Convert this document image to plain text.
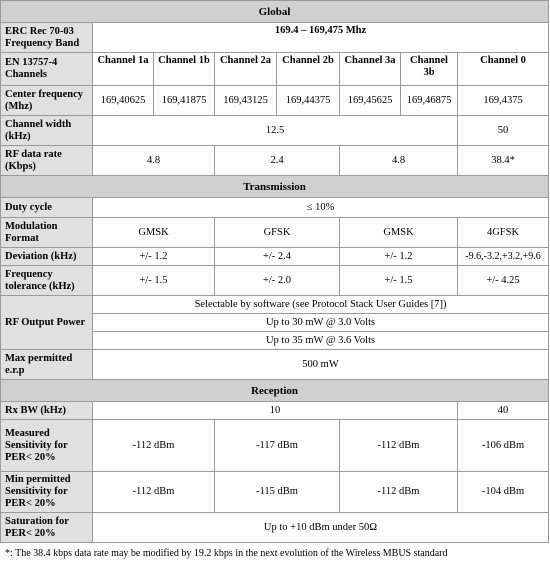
Global							
ERC Rec 70-03 Frequency Band	169.4 – 169,475 Mhz						
EN 13757-4 Channels	Channel 1a	Channel 1b	Channel 2a	Channel 2b	Channel 3a	Channel 3b	Channel 0
Center frequency (Mhz)	169,40625	169,41875	169,43125	169,44375	169,45625	169,46875	169,4375
Channel width (kHz)	12.5						50
RF data rate (Kbps)	4.8		2.4		4.8		38.4*
Transmission							
Duty cycle	≤ 10%						
Modulation Format	GMSK		GFSK		GMSK		4GFSK
Deviation (kHz)	+/- 1.2		+/- 2.4		+/- 1.2		-9.6,-3.2,+3.2,+9.6
Frequency tolerance (kHz)	+/- 1.5		+/- 2.0		+/- 1.5		+/- 4.25
RF Output Power	Selectable by software (see Protocol Stack User Guides [7])						
	Up to 30 mW @ 3.0 Volts						
	Up to 35 mW @ 3.6 Volts						
Max permitted e.r.p	500 mW						
Reception							
Rx BW (kHz)	10						40
Measured Sensitivity for PER< 20%	-112 dBm		-117 dBm		-112 dBm		-106 dBm
Min permitted Sensitivity for PER< 20%	-112 dBm		-115 dBm		-112 dBm		-104 dBm
Saturation for PER< 20%	Up to +10 dBm under 50Ω						
*: The 38.4 kbps data rate may be modified by 19.2 kbps in the next evolution of the Wireless MBUS standard
